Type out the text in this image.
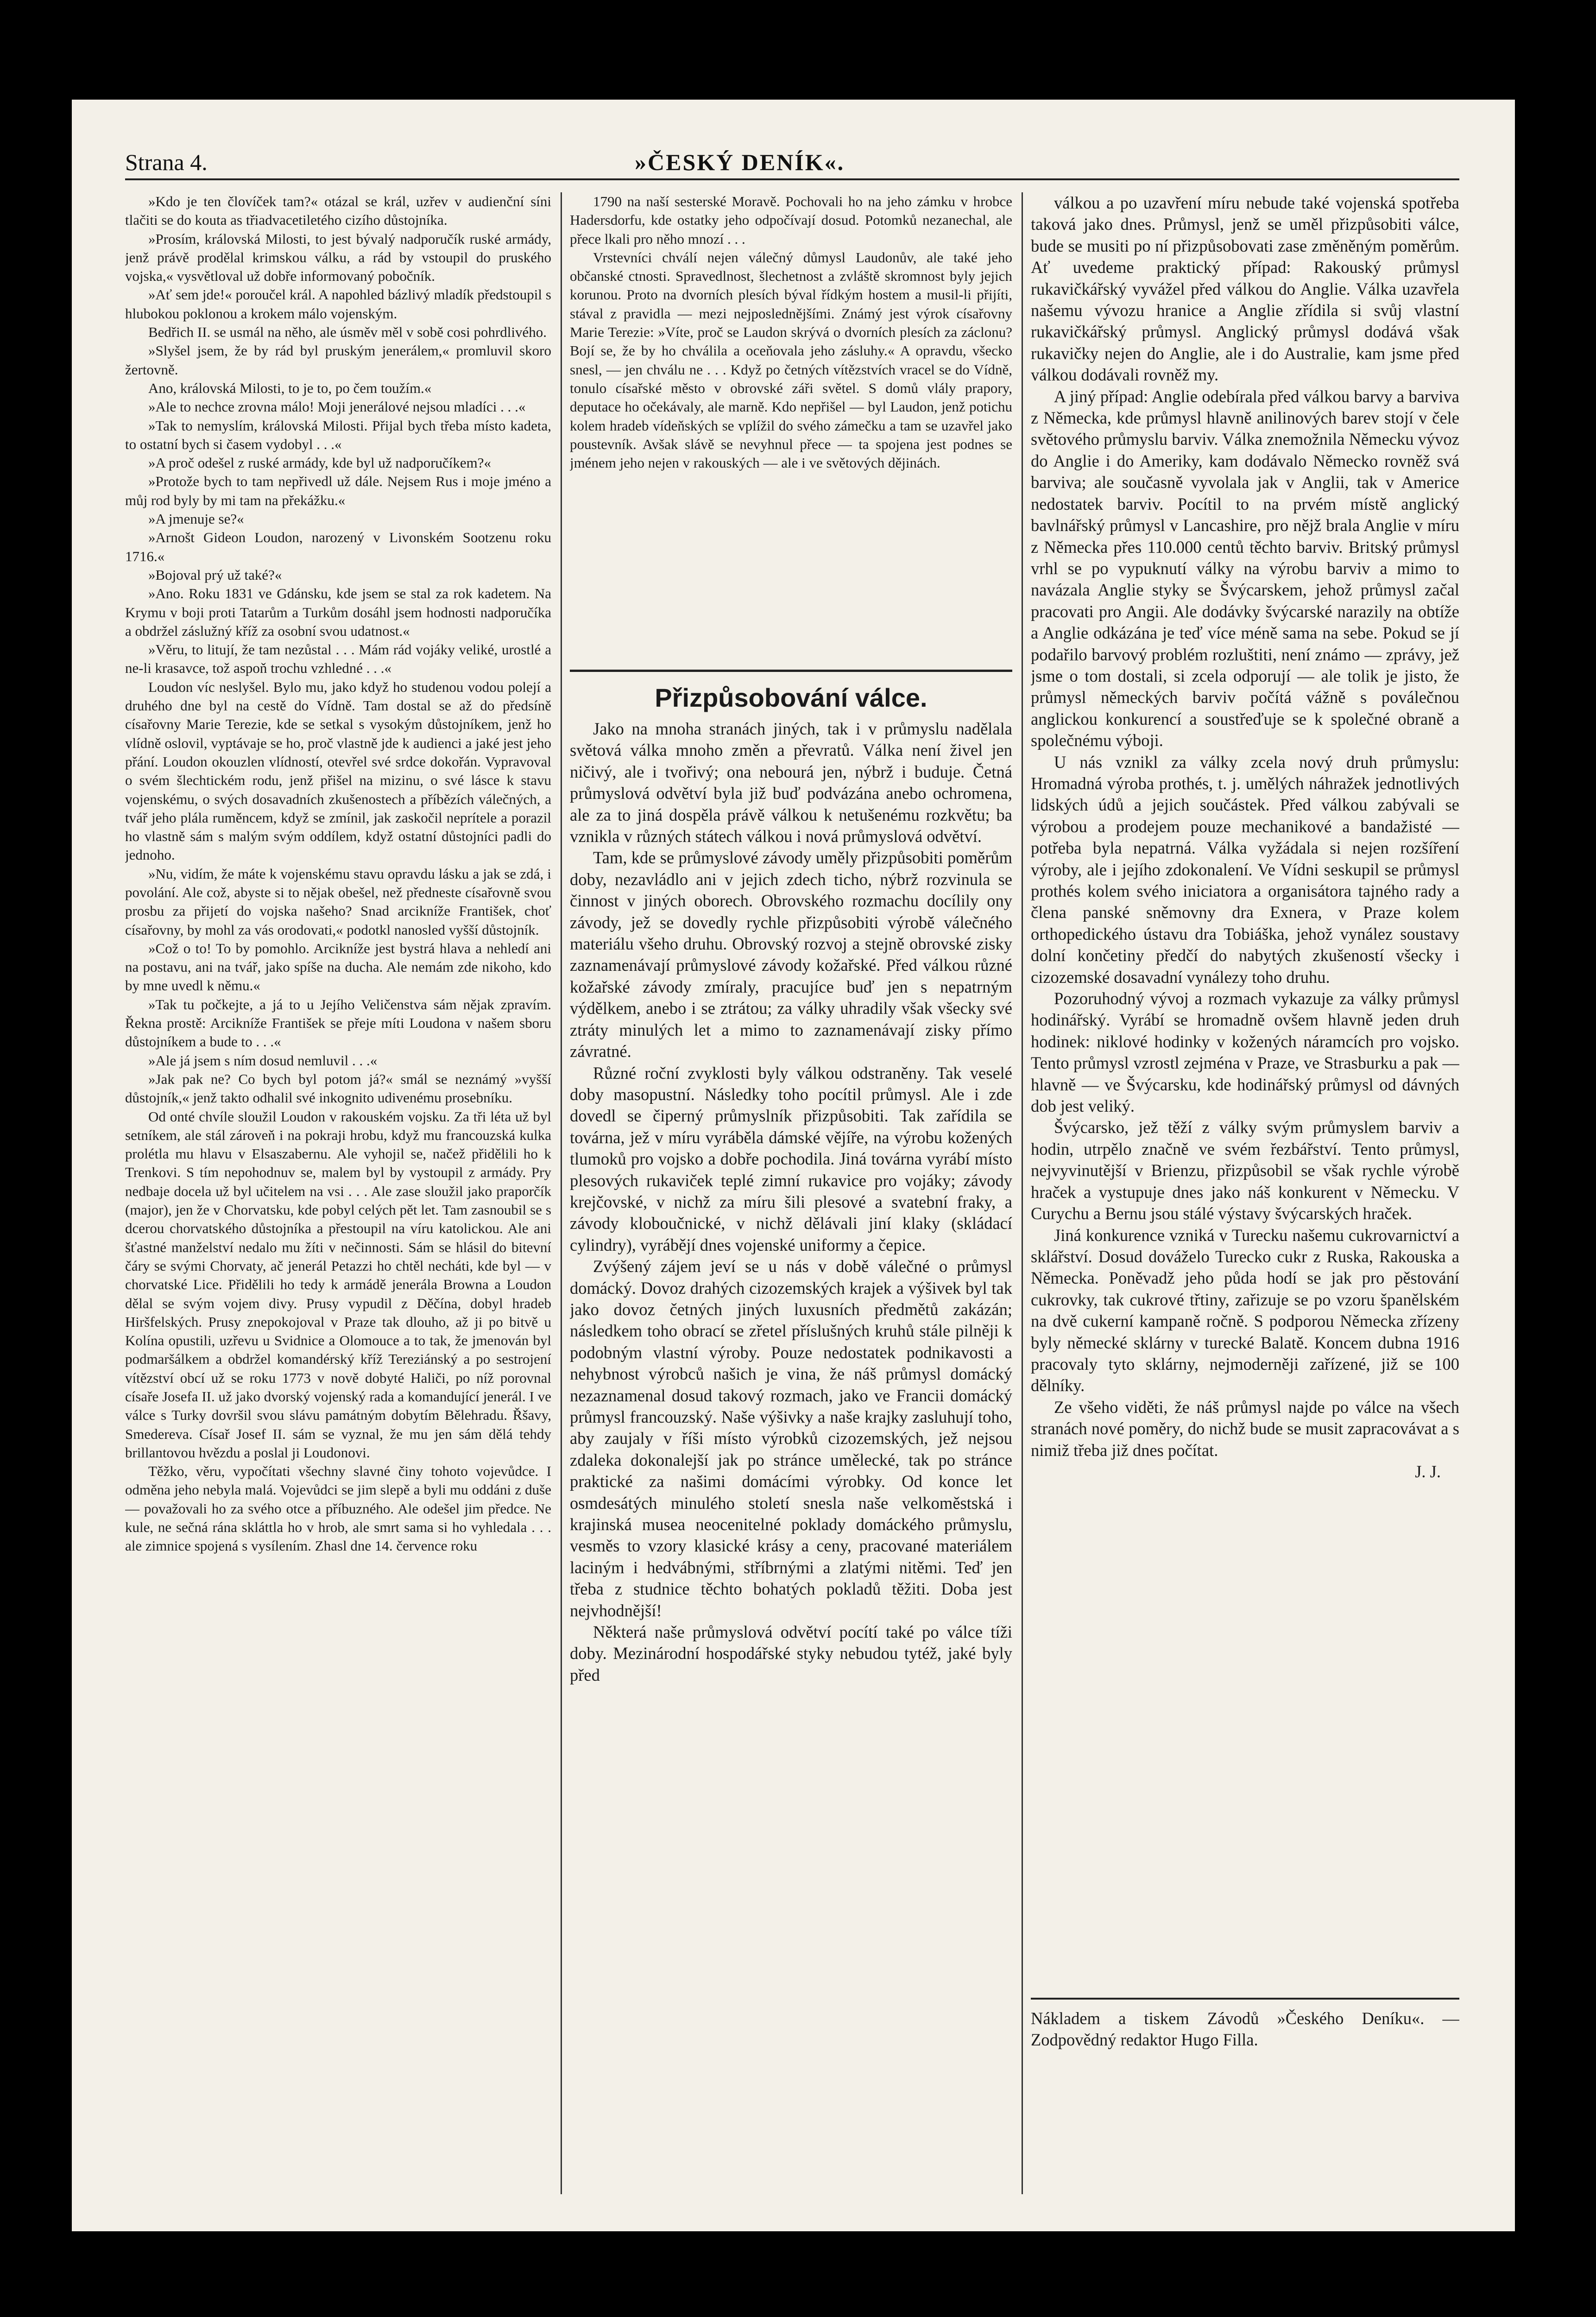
Strana 4.	»ČESKÝ DENÍK«.

»Kdo je ten človíček tam?« otázal se král, uzřev v audienční síni tlačiti se do kouta as třiadvacetiletého cizího důstojníka.

»Prosím, královská Milosti, to jest bývalý nadporučík ruské armády, jenž právě prodělal krimskou válku, a rád by vstoupil do pruského vojska,« vysvětloval už dobře informovaný pobočník.

»Ať sem jde!« poroučel král. A napohled bázlivý mladík předstoupil s hlubokou poklonou a krokem málo vojenským.

Bedřich II. se usmál na něho, ale úsměv měl v sobě cosi pohrdlivého.

»Slyšel jsem, že by rád byl pruským jenerálem,« promluvil skoro žertovně.

Ano, královská Milosti, to je to, po čem toužím.«

»Ale to nechce zrovna málo! Moji jenerálové nejsou mladíci . . .«

»Tak to nemyslím, královská Milosti. Přijal bych třeba místo kadeta, to ostatní bych si časem vydobyl . . .«

»A proč odešel z ruské armády, kde byl už nadporučíkem?«

»Protože bych to tam nepřivedl už dále. Nejsem Rus i moje jméno a můj rod byly by mi tam na překážku.«

»A jmenuje se?«

»Arnošt Gideon Loudon, narozený v Livonském Sootzenu roku 1716.«

»Bojoval prý už také?«

»Ano. Roku 1831 ve Gdánsku, kde jsem se stal za rok kadetem. Na Krymu v boji proti Tatarům a Turkům dosáhl jsem hodnosti nadporučíka a obdržel záslužný kříž za osobní svou udatnost.«

»Věru, to litují, že tam nezůstal . . . Mám rád vojáky veliké, urostlé a ne-li krasavce, tož aspoň trochu vzhledné . . .«

Loudon víc neslyšel. Bylo mu, jako když ho studenou vodou polejí a druhého dne byl na cestě do Vídně. Tam dostal se až do předsíně císařovny Marie Terezie, kde se setkal s vysokým důstojníkem, jenž ho vlídně oslovil, vyptávaje se ho, proč vlastně jde k audienci a jaké jest jeho přání. Loudon okouzlen vlídností, otevřel své srdce dokořán. Vypravoval o svém šlechtickém rodu, jenž přišel na mizinu, o své lásce k stavu vojenskému, o svých dosavadních zkušenostech a příbězích válečných, a tvář jeho plála ruměncem, když se zmínil, jak zaskočil neprítele a porazil ho vlastně sám s malým svým oddílem, když ostatní důstojníci padli do jednoho.

»Nu, vidím, že máte k vojenskému stavu opravdu lásku a jak se zdá, i povolání. Ale což, abyste si to nějak obešel, než předneste císařovně svou prosbu za přijetí do vojska našeho? Snad arcikníže František, choť císařovny, by mohl za vás orodovati,« podotkl nanosled vyšší důstojník.

»Což o to! To by pomohlo. Arcikníže jest bystrá hlava a nehledí ani na postavu, ani na tvář, jako spíše na ducha. Ale nemám zde nikoho, kdo by mne uvedl k němu.«

»Tak tu počkejte, a já to u Jejího Veličenstva sám nějak zpravím. Řekna prostě: Arcikníže František se přeje míti Loudona v našem sboru důstojníkem a bude to . . .«

»Ale já jsem s ním dosud nemluvil . . .«

»Jak pak ne? Co bych byl potom já?« smál se neznámý »vyšší důstojník,« jenž takto odhalil své inkognito udivenému prosebníku.

Od onté chvíle sloužil Loudon v rakouském vojsku. Za tři léta už byl setníkem, ale stál zároveň i na pokraji hrobu, když mu francouzská kulka prolétla mu hlavu v Elsaszabernu. Ale vyhojil se, načež přidělili ho k Trenkovi. S tím nepohodnuv se, malem byl by vystoupil z armády. Pry nedbaje docela už byl učitelem na vsi . . . Ale zase sloužil jako praporčík (major), jen že v Chorvatsku, kde pobyl celých pět let. Tam zasnoubil se s dcerou chorvatského důstojníka a přestoupil na víru katolickou. Ale ani šťastné manželství nedalo mu žíti v nečinnosti. Sám se hlásil do bitevní čáry se svými Chorvaty, ač jenerál Petazzi ho chtěl necháti, kde byl — v chorvatské Lice. Přidělili ho tedy k armádě jenerála Browna a Loudon dělal se svým vojem divy. Prusy vypudil z Děčína, dobyl hradeb Hiršfelských. Prusy znepokojoval v Praze tak dlouho, až ji po bitvě u Kolína opustili, uzřevu u Svidnice a Olomouce a to tak, že jmenován byl podmaršálkem a obdržel komandérský kříž Tereziánský a po sestrojení vítězství obcí už se roku 1773 v nově dobyté Haliči, po níž porovnal císaře Josefa II. už jako dvorský vojenský rada a komandující jenerál. I ve válce s Turky dovršil svou slávu památným dobytím Bělehradu. Řšavy, Smedereva. Císař Josef II. sám se vyznal, že mu jen sám dělá tehdy brillantovou hvězdu a poslal ji Loudonovi.

Těžko, věru, vypočítati všechny slavné činy tohoto vojevůdce. I odměna jeho nebyla malá. Vojevůdci se jim slepě a byli mu oddáni z duše — považovali ho za svého otce a příbuzného. Ale odešel jim předce. Ne kule, ne sečná rána skláttla ho v hrob, ale smrt sama si ho vyhledala . . . ale zimnice spojená s vysílením. Zhasl dne 14. července roku

1790 na naší sesterské Moravě. Pochovali ho na jeho zámku v hrobce Hadersdorfu, kde ostatky jeho odpočívají dosud. Potomků nezanechal, ale přece lkali pro něho mnozí . . .

Vrstevníci chválí nejen válečný důmysl Laudonův, ale také jeho občanské ctnosti. Spravedlnost, šlechetnost a zvláště skromnost byly jejich korunou. Proto na dvorních plesích býval řídkým hostem a musil-li přijíti, stával z pravidla — mezi nejposlednějšími. Známý jest výrok císařovny Marie Terezie: »Víte, proč se Laudon skrývá o dvorních plesích za záclonu? Bojí se, že by ho chválila a oceňovala jeho zásluhy.« A opravdu, všecko snesl, — jen chválu ne . . . Když po četných vítězstvích vracel se do Vídně, tonulo císařské město v obrovské záři světel. S domů vlály prapory, deputace ho očekávaly, ale marně. Kdo nepřišel — byl Laudon, jenž potichu kolem hradeb vídeňských se vplížil do svého zámečku a tam se uzavřel jako poustevník. Avšak slávě se nevyhnul přece — ta spojena jest podnes se jménem jeho nejen v rakouských — ale i ve světových dějinách.

Přizpůsobování válce.

Jako na mnoha stranách jiných, tak i v průmyslu nadělala světová válka mnoho změn a převratů. Válka není živel jen ničivý, ale i tvořivý; ona nebourá jen, nýbrž i buduje. Četná průmyslová odvětví byla již buď podvázána anebo ochromena, ale za to jiná dospěla právě válkou k netušenému rozkvětu; ba vznikla v různých státech válkou i nová průmyslová odvětví.

Tam, kde se průmyslové závody uměly přizpůsobiti poměrům doby, nezavládlo ani v jejich zdech ticho, nýbrž rozvinula se činnost v jiných oborech. Obrovského rozmachu docílily ony závody, jež se dovedly rychle přizpůsobiti výrobě válečného materiálu všeho druhu. Obrovský rozvoj a stejně obrovské zisky zaznamenávají průmyslové závody kožařské. Před válkou různé kožařské závody zmíraly, pracujíce buď jen s nepatrným výdělkem, anebo i se ztrátou; za války uhradily však všecky své ztráty minulých let a mimo to zaznamenávají zisky přímo závratné.

Různé roční zvyklosti byly válkou odstraněny. Tak veselé doby masopustní. Následky toho pocítil průmysl. Ale i zde dovedl se čiperný průmyslník přizpůsobiti. Tak zařídila se továrna, jež v míru vyráběla dámské vějíře, na výrobu kožených tlumoků pro vojsko a dobře pochodila. Jiná továrna vyrábí místo plesových rukaviček teplé zimní rukavice pro vojáky; závody krejčovské, v nichž za míru šili plesové a svatební fraky, a závody kloboučnické, v nichž dělávali jiní klaky (skládací cylindry), vyrábějí dnes vojenské uniformy a čepice.

Zvýšený zájem jeví se u nás v době válečné o průmysl domácký. Dovoz drahých cizozemských krajek a výšivek byl tak jako dovoz četných jiných luxusních předmětů zakázán; následkem toho obrací se zřetel příslušných kruhů stále pilněji k podobným vlastní výroby. Pouze nedostatek podnikavosti a nehybnost výrobců našich je vina, že náš průmysl domácký nezaznamenal dosud takový rozmach, jako ve Francii domácký průmysl francouzský. Naše výšivky a naše krajky zasluhují toho, aby zaujaly v říši místo výrobků cizozemských, jež nejsou zdaleka dokonalejší jak po stránce umělecké, tak po stránce praktické za našimi domácími výrobky. Od konce let osmdesátých minulého století snesla naše velkoměstská i krajinská musea neocenitelné poklady domáckého průmyslu, vesměs to vzory klasické krásy a ceny, pracované materiálem laciným i hedvábnými, stříbrnými a zlatými nitěmi. Teď jen třeba z studnice těchto bohatých pokladů těžiti. Doba jest nejvhodnější!

Některá naše průmyslová odvětví pocítí také po válce tíži doby. Mezinárodní hospodářské styky nebudou tytéž, jaké byly před

válkou a po uzavření míru nebude také vojenská spotřeba taková jako dnes. Průmysl, jenž se uměl přizpůsobiti válce, bude se musiti po ní přizpůsobovati zase změněným poměrům. Ať uvedeme praktický případ: Rakouský průmysl rukavičkářský vyvážel před válkou do Anglie. Válka uzavřela našemu vývozu hranice a Anglie zřídila si svůj vlastní rukavičkářský průmysl. Anglický průmysl dodává však rukavičky nejen do Anglie, ale i do Australie, kam jsme před válkou dodávali rovněž my.

A jiný případ: Anglie odebírala před válkou barvy a barviva z Německa, kde průmysl hlavně anilinových barev stojí v čele světového průmyslu barviv. Válka znemožnila Německu vývoz do Anglie i do Ameriky, kam dodávalo Německo rovněž svá barviva; ale současně vyvolala jak v Anglii, tak v Americe nedostatek barviv. Pocítil to na prvém místě anglický bavlnářský průmysl v Lancashire, pro nějž brala Anglie v míru z Německa přes 110.000 centů těchto barviv. Britský průmysl vrhl se po vypuknutí války na výrobu barviv a mimo to navázala Anglie styky se Švýcarskem, jehož průmysl začal pracovati pro Angii. Ale dodávky švýcarské narazily na obtíže a Anglie odkázána je teď více méně sama na sebe. Pokud se jí podařilo barvový problém rozluštiti, není známo — zprávy, jež jsme o tom dostali, si zcela odporují — ale tolik je jisto, že průmysl německých barviv počítá vážně s poválečnou anglickou konkurencí a soustřeďuje se k společné obraně a společnému výboji.

U nás vznikl za války zcela nový druh průmyslu: Hromadná výroba prothés, t. j. umělých náhražek jednotlivých lidských údů a jejich součástek. Před válkou zabývali se výrobou a prodejem pouze mechanikové a bandažisté — potřeba byla nepatrná. Válka vyžádala si nejen rozšíření výroby, ale i jejího zdokonalení. Ve Vídni seskupil se průmysl prothés kolem svého iniciatora a organisátora tajného rady a člena panské sněmovny dra Exnera, v Praze kolem orthopedického ústavu dra Tobiáška, jehož vynález soustavy dolní končetiny předčí do nabytých zkušeností všecky i cizozemské dosavadní vynálezy toho druhu.

Pozoruhodný vývoj a rozmach vykazuje za války průmysl hodinářský. Vyrábí se hromadně ovšem hlavně jeden druh hodinek: niklové hodinky v kožených náramcích pro vojsko. Tento průmysl vzrostl zejména v Praze, ve Strasburku a pak — hlavně — ve Švýcarsku, kde hodinářský průmysl od dávných dob jest veliký.

Švýcarsko, jež těží z války svým průmyslem barviv a hodin, utrpělo značně ve svém řezbářství. Tento průmysl, nejvyvinutější v Brienzu, přizpůsobil se však rychle výrobě hraček a vystupuje dnes jako náš konkurent v Německu. V Curychu a Bernu jsou stálé výstavy švýcarských hraček.

Jiná konkurence vzniká v Turecku našemu cukrovarnictví a sklářství. Dosud dováželo Turecko cukr z Ruska, Rakouska a Německa. Poněvadž jeho půda hodí se jak pro pěstování cukrovky, tak cukrové třtiny, zařizuje se po vzoru španělském na dvě cukerní kampaně ročně. S podporou Německa zřízeny byly německé sklárny v turecké Balatě. Koncem dubna 1916 pracovaly tyto sklárny, nejmoderněji zařízené, již se 100 dělníky.

Ze všeho viděti, že náš průmysl najde po válce na všech stranách nové poměry, do nichž bude se musit zapracovávat a s nimiž třeba již dnes počítat.

J. J.

Nákladem a tiskem Závodů »Českého Deníku«. — Zodpovědný redaktor Hugo Filla.
